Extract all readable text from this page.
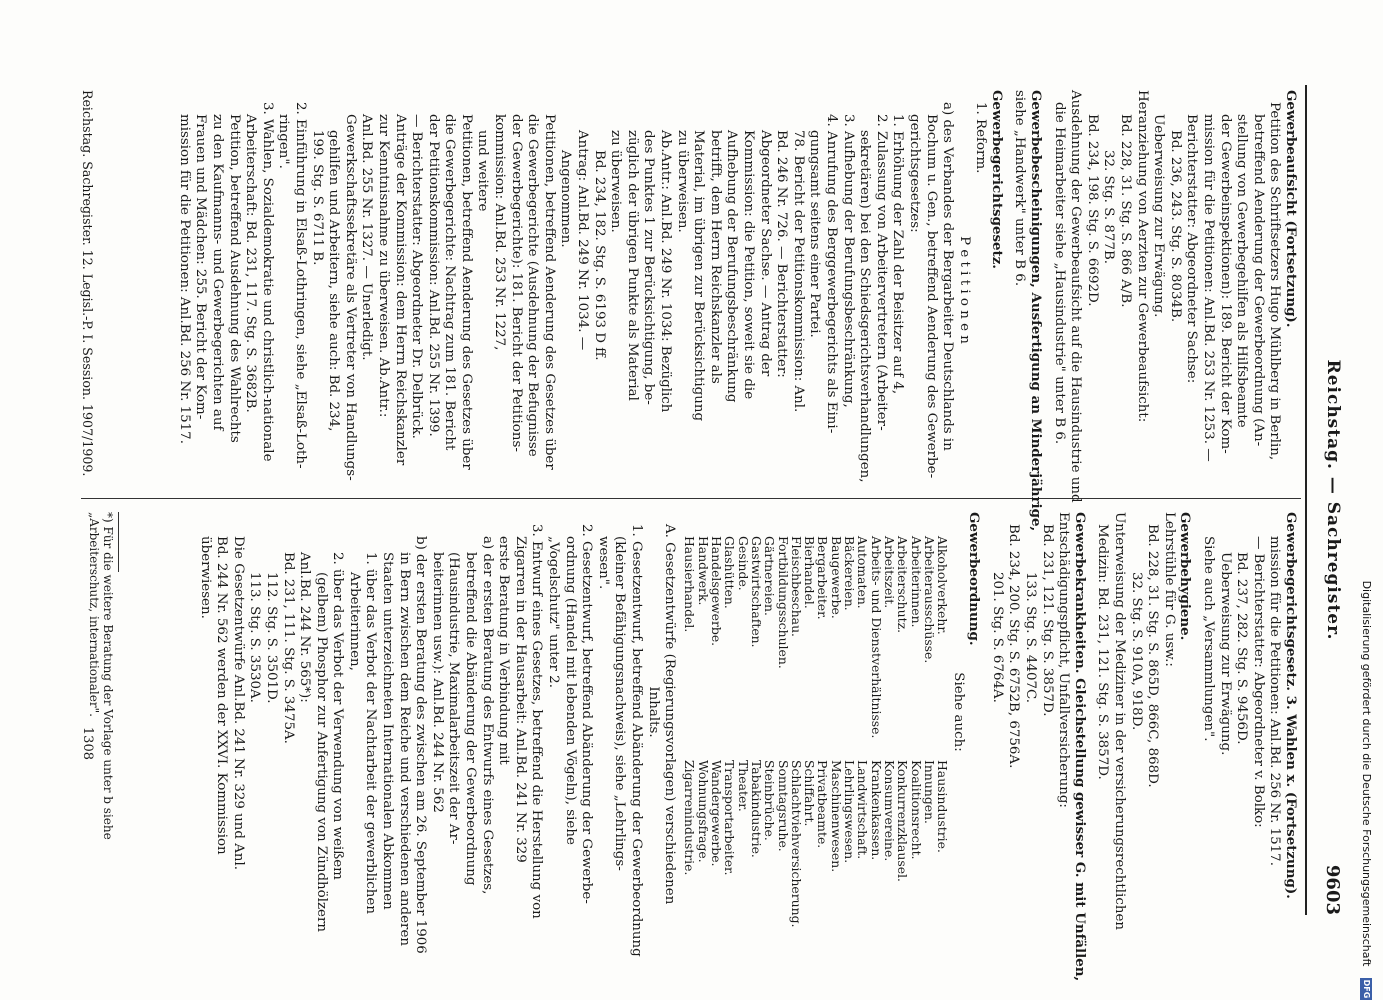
Reichstag. — Sachregister.
9603
Gewerbeaufsicht (Fortsetzung).
Petition des Schriftsetzers Hugo Mühlberg in Berlin,
betreffend Aenderung der Gewerbeordnung (An-
stellung von Gewerbegehilfen als Hilfsbeamte
der Gewerbeinspektionen): 189. Bericht der Kom-
mission für die Petitionen: Anl.Bd. 253 Nr. 1253. —
Berichterstatter: Abgeordneter Sachse:
Bd. 236, 243. Stg. S. 8034B.
Ueberweisung zur Erwägung.
Heranziehung von Aerzten zur Gewerbeaufsicht:
Bd. 228, 31. Stg. S. 866 A/B.
32. Stg. S. 877B.
Bd. 234, 198. Stg. S. 6692D.
Ausdehnung der Gewerbeaufsicht auf die Hausindustrie und
die Heimarbeiter siehe „Hausindustrie" unter B 6.
Gewerbebescheinigungen, Ausfertigung an Minderjährige,
siehe „Handwerk" unter B 6.
Gewerbegerichtsgesetz.
1. Reform.
P e t i t i o n e n
a) des Verbandes der Bergarbeiter Deutschlands in
Bochum u. Gen., betreffend Aenderung des Gewerbe-
gerichtsgesetzes:
1. Erhöhung der Zahl der Beisitzer auf 4,
2. Zulassung von Arbeitervertretern (Arbeiter-
sekretären) bei den Schiedsgerichtsverhandlungen,
3. Aufhebung der Berufungsbeschränkung,
4. Anrufung des Berggewerbegerichts als Eini-
gungsamt seitens einer Partei.
78. Bericht der Petitionskommission: Anl.
Bd. 246 Nr. 726. — Berichterstatter:
Abgeordneter Sachse. — Antrag der
Kommission: die Petition, soweit sie die
Aufhebung der Berufungsbeschränkung
betrifft, dem Herrn Reichskanzler als
Material, im übrigen zur Berücksichtigung
zu überweisen.
Ab.Antr.: Anl.Bd. 249 Nr. 1034: Bezüglich
des Punktes 1 zur Berücksichtigung, be-
züglich der übrigen Punkte als Material
zu überweisen.
Bd. 234, 182. Stg. S. 6193 D ff.
Antrag: Anl.Bd. 249 Nr. 1034. —
Angenommen.
Petitionen, betreffend Aenderung des Gesetzes über
die Gewerbegerichte (Ausdehnung der Befugnisse
der Gewerbegerichte): 181. Bericht der Petitions-
kommission: Anl.Bd. 253 Nr. 1227,
und weitere
Petitionen, betreffend Aenderung des Gesetzes über
die Gewerbegerichte: Nachtrag zum 181. Bericht
der Petitionskommission: Anl.Bd. 255 Nr. 1399.
— Berichterstatter: Abgeordneter Dr. Delbrück.
Anträge der Kommission: dem Herrn Reichskanzler
zur Kenntnisnahme zu überweisen. Ab.Antr.:
Anl.Bd. 255 Nr. 1327. — Unerledigt.
Gewerkschaftssekretäre als Vertreter von Handlungs-
gehilfen und Arbeitern, siehe auch: Bd. 234,
199. Stg. S. 6711 B.
2. Einführung in Elsaß-Lothringen, siehe „Elsaß-Loth-
ringen".
3. Wahlen, Sozialdemokratie und christlich-nationale
Arbeiterschaft: Bd. 231, 117. Stg. S. 3682B.
Petition, betreffend Ausdehnung des Wahlrechts
zu den Kaufmanns- und Gewerbegerichten auf
Frauen und Mädchen: 255. Bericht der Kom-
mission für die Petitionen: Anl.Bd. 256 Nr. 1517.
Gewerbegerichtsgesetz. 3. Wahlen x. (Fortsetzung).
mission für die Petitionen: Anl.Bd. 256 Nr. 1517.
— Berichterstatter: Abgeordneter v. Bolko:
Bd. 237, 282. Stg. S. 9456D.
Ueberweisung zur Erwägung.
Siehe auch „Versammlungen".
Gewerbehygiene.
Lehrstühle für G. usw.:
Bd. 228, 31. Stg. S. 865D, 866C, 868D.
32. Stg. S. 910A, 918D.
Unterweisung der Mediziner in der versicherungsrechtlichen
Medizin: Bd. 231, 121. Stg. S. 3857D.
Gewerbekrankheiten. Gleichstellung gewisser G. mit Unfällen,
Entschädigungspflicht, Unfallversicherung:
Bd. 231, 121. Stg. S. 3857D.
133. Stg. S. 4407C.
Bd. 234, 200. Stg. S. 6752B, 6756A.
201. Stg. S. 6764A.
Gewerbeordnung.
Siehe auch:
Alkoholverkehr.
Arbeiterausschüsse.
Arbeiterinnen.
Arbeiterschutz.
Arbeitszeit.
Arbeits- und Dienstverhältnisse.
Automaten.
Bäckereien.
Baugewerbe.
Bergarbeiter.
Bierhandel.
Fleischbeschau.
Fortbildungsschulen.
Gärtnereien.
Gastwirtschaften.
Gesinde.
Glashütten.
Handelsgewerbe.
Handwerk.
Hausierhandel.
Hausindustrie.
Innungen.
Koalitionsrecht.
Konkurrenzklausel.
Konsumvereine.
Krankenkassen.
Landwirtschaft.
Lehrlingswesen.
Maschinenwesen.
Privatbeamte.
Schiffahrt.
Schlachtviehversicherung.
Sonntagsruhe.
Steinbrüche.
Tabakindustrie.
Theater.
Transportarbeiter.
Wandergewerbe.
Wohnungsfrage.
Zigarrenindustrie.
A. Gesetzentwürfe (Regierungsvorlagen) verschiedenen
Inhalts.
1. Gesetzentwurf, betreffend Abänderung der Gewerbeordnung
(kleiner Befähigungsnachweis), siehe „Lehrlings-
wesen".
2. Gesetzentwurf, betreffend Abänderung der Gewerbe-
ordnung (Handel mit lebenden Vögeln), siehe
„Vogelschutz" unter 2.
3. Entwurf eines Gesetzes, betreffend die Herstellung von
Zigarren in der Hausarbeit: Anl.Bd. 241 Nr. 329
erste Beratung in Verbindung mit
a) der ersten Beratung des Entwurfs eines Gesetzes,
betreffend die Abänderung der Gewerbeordnung
(Hausindustrie, Maximalarbeitszeit der Ar-
beiterinnen usw.): Anl.Bd. 244 Nr. 562
b) der ersten Beratung des zwischen am 26. September 1906
in Bern zwischen dem Reiche und verschiedenen anderen
Staaten unterzeichneten Internationalen Abkommen
1. über das Verbot der Nachtarbeit der gewerblichen
Arbeiterinnen,
2. über das Verbot der Verwendung von weißem
(gelbem) Phosphor zur Anfertigung von Zündhölzern
Anl.Bd. 244 Nr. 565*):
Bd. 231, 111. Stg. S. 3475A.
112. Stg. S. 3501D.
113. Stg. S. 3530A.
Die Gesetzentwürfe Anl.Bd. 241 Nr. 329 und Anl.
Bd. 244 Nr. 562 werden der XXVI. Kommission
überwiesen.
*) Für die weitere Beratung der Vorlage unter b siehe „Arbeiterschutz, internationaler".
Reichstag. Sachregister. 12. Legisl.-P. I. Session. 1907/1909.
1308	Digitalisierung gefördert durch die Deutsche Forschungsgemeinschaft DFG
